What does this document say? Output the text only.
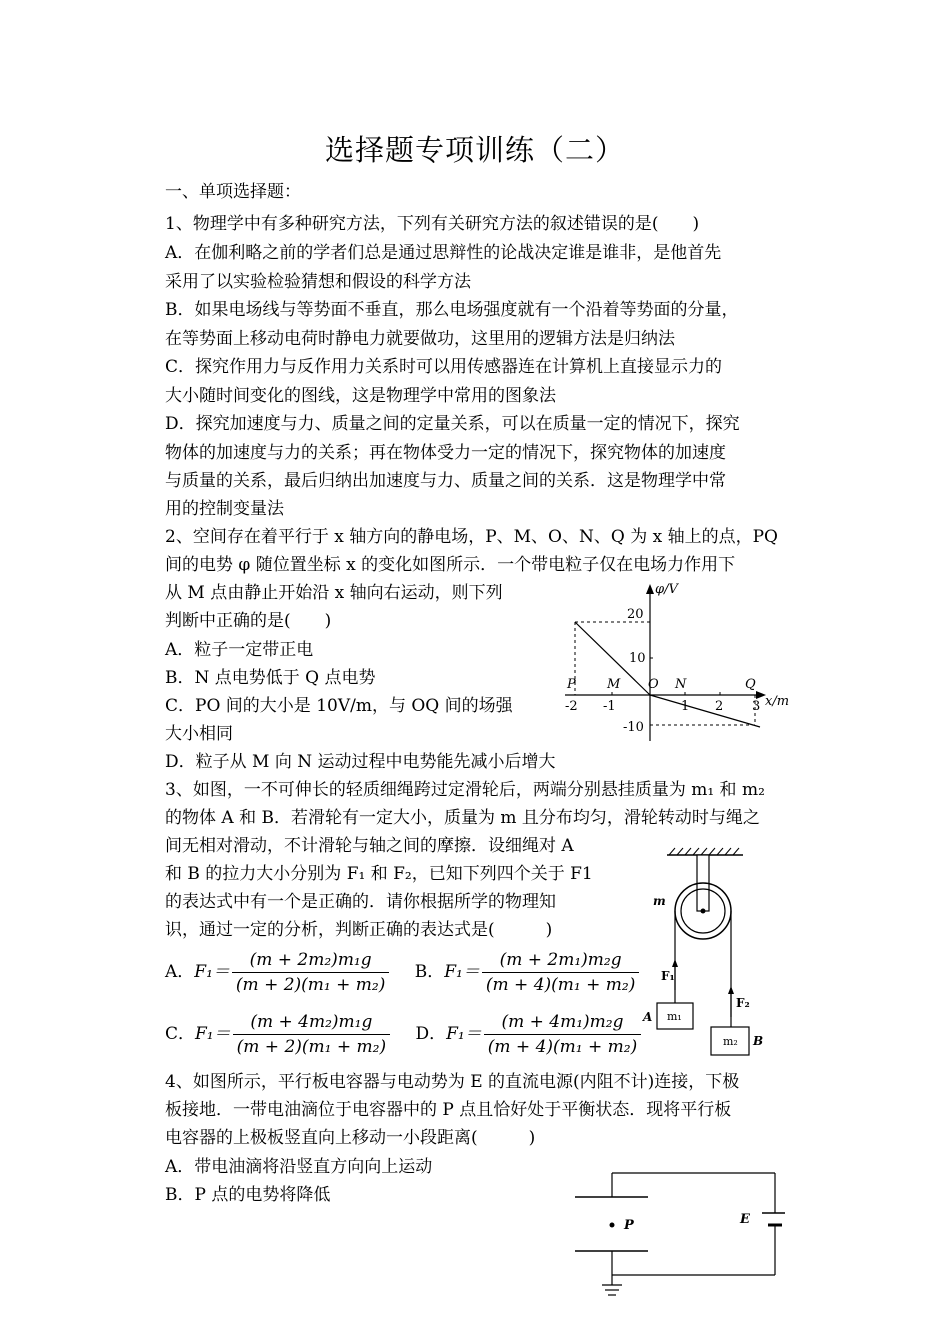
选择题专项训练（二）
一、单项选择题：
1、物理学中有多种研究方法，下列有关研究方法的叙述错误的是(　　)
A．在伽利略之前的学者们总是通过思辩性的论战决定谁是谁非，是他首先
采用了以实验检验猜想和假设的科学方法
B．如果电场线与等势面不垂直，那么电场强度就有一个沿着等势面的分量，
在等势面上移动电荷时静电力就要做功，这里用的逻辑方法是归纳法
C．探究作用力与反作用力关系时可以用传感器连在计算机上直接显示力的
大小随时间变化的图线，这是物理学中常用的图象法
D．探究加速度与力、质量之间的定量关系，可以在质量一定的情况下，探究
物体的加速度与力的关系；再在物体受力一定的情况下，探究物体的加速度
与质量的关系，最后归纳出加速度与力、质量之间的关系．这是物理学中常
用的控制变量法
2、空间存在着平行于 x 轴方向的静电场，P、M、O、N、Q 为 x 轴上的点，PQ
间的电势 φ 随位置坐标 x 的变化如图所示．一个带电粒子仅在电场力作用下
从 M 点由静止开始沿 x 轴向右运动，则下列
判断中正确的是(　　)
A．粒子一定带正电
B．N 点电势低于 Q 点电势
C．PO 间的大小是 10V/m，与 OQ 间的场强
大小相同
D．粒子从 M 向 N 运动过程中电势能先减小后增大
φ/V
x/m
20
10
-10
-2 -1	1 2 3
P M O N	Q
3、如图，一不可伸长的轻质细绳跨过定滑轮后，两端分别悬挂质量为 m₁ 和 m₂
的物体 A 和 B．若滑轮有一定大小，质量为 m 且分布均匀，滑轮转动时与绳之
间无相对滑动，不计滑轮与轴之间的摩擦．设细绳对 A
和 B 的拉力大小分别为 F₁ 和 F₂，已知下列四个关于 F1
的表达式中有一个是正确的．请你根据所学的物理知
识，通过一定的分析，判断正确的表达式是(　　　)
A．$F_1= \frac{\text{(m + 2m₂)m₁g}}{\text{(m + 2)(m₁ + m₂)}}$ B．$F_1= \frac{\text{(m + 2m₁)m₂g}}{\text{(m + 4)(m₁ + m₂)}}$
C．$F_1= \frac{\text{(m + 4m₂)m₁g}}{\text{(m + 2)(m₁ + m₂)}}$ D．$F_1= \frac{\text{(m + 4m₁)m₂g}}{\text{(m + 4)(m₁ + m₂)}}$
m
F₁
F₂
A
B
m₁
m₂
4、如图所示，平行板电容器与电动势为 E 的直流电源(内阻不计)连接，下极
板接地．一带电油滴位于电容器中的 P 点且恰好处于平衡状态．现将平行板
电容器的上极板竖直向上移动一小段距离(　　　)
A．带电油滴将沿竖直方向向上运动
B．P 点的电势将降低
P	E
